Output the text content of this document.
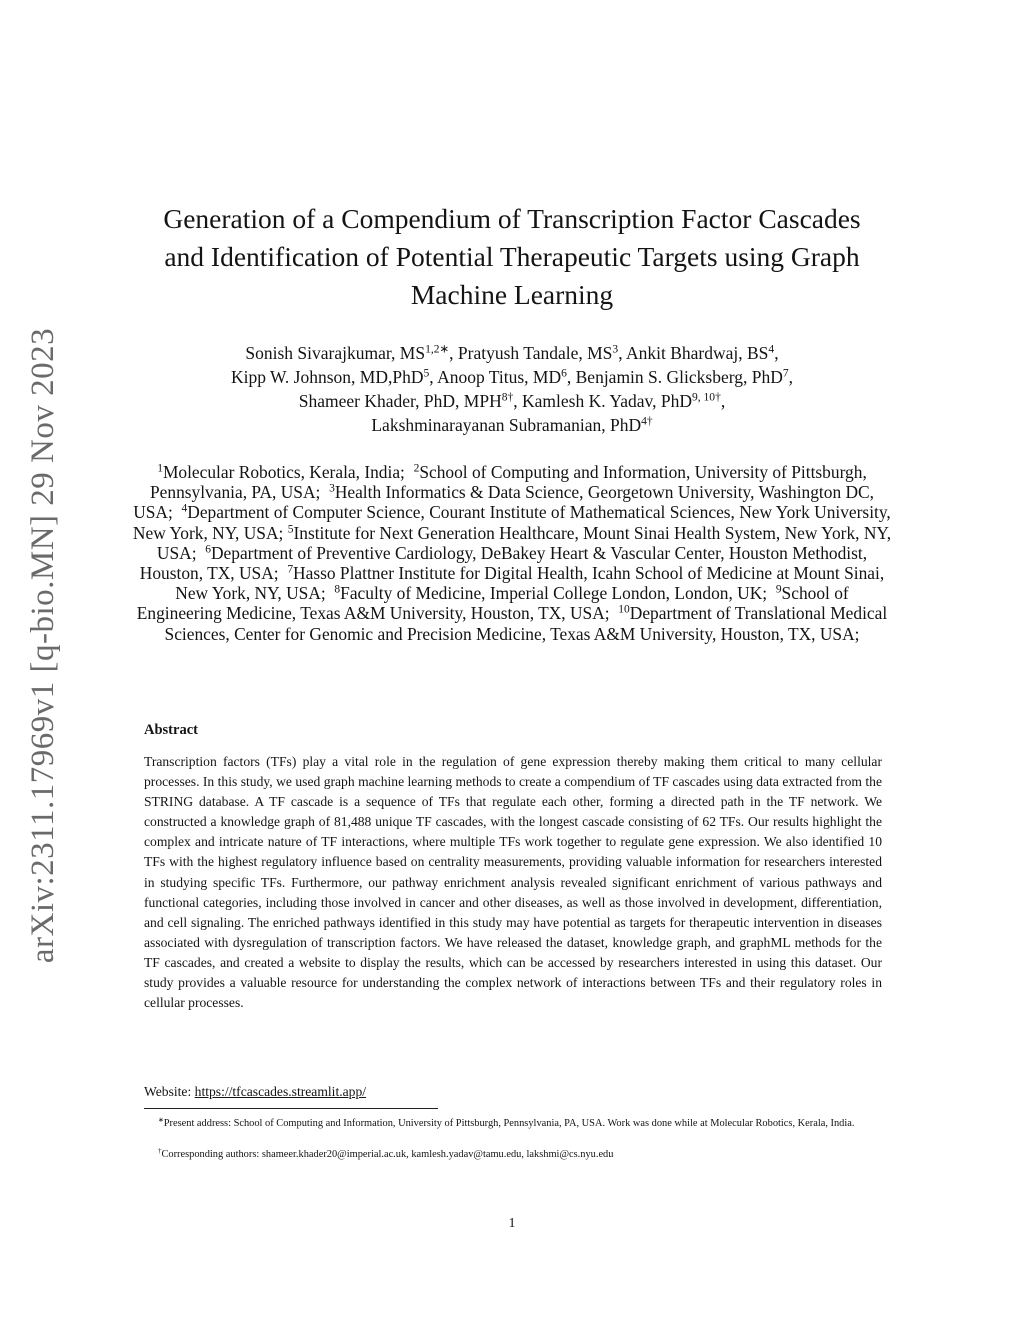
arXiv:2311.17969v1 [q-bio.MN] 29 Nov 2023
Generation of a Compendium of Transcription Factor Cascades
and Identification of Potential Therapeutic Targets using Graph
Machine Learning
Sonish Sivarajkumar, $MS^{1,2∗}$, Pratyush Tandale, $MS^3$, Ankit Bhardwaj, $BS^4$,
Kipp W. Johnson, MD,PhD$^5$, Anoop Titus, $MD^6$, Benjamin S. Glicksberg, PhD$^7$,
Shameer Khader, PhD, $MPH^{8\dagger}$, Kamlesh K. Yadav, PhD$^{9, 10\dagger}$,
Lakshminarayanan Subramanian, PhD$^{4\dagger}$
$^1$Molecular Robotics, Kerala, India; $^2$School of Computing and Information, University of Pittsburgh, Pennsylvania, PA, USA; $^3$Health Informatics & Data Science, Georgetown University, Washington DC, USA; $^4$Department of Computer Science, Courant Institute of Mathematical Sciences, New York University, New York, NY, USA; $^5$Institute for Next Generation Healthcare, Mount Sinai Health System, New York, NY, USA; $^6$Department of Preventive Cardiology, DeBakey Heart & Vascular Center, Houston Methodist, Houston, TX, USA; $^7$Hasso Plattner Institute for Digital Health, Icahn School of Medicine at Mount Sinai, New York, NY, USA; $^8$Faculty of Medicine, Imperial College London, London, UK; $^9$School of Engineering Medicine, Texas A&M University, Houston, TX, USA; $^{10}$Department of Translational Medical Sciences, Center for Genomic and Precision Medicine, Texas A&M University, Houston, TX, USA;
Abstract
Transcription factors (TFs) play a vital role in the regulation of gene expression thereby making them critical to many cellular processes. In this study, we used graph machine learning methods to create a compendium of TF cascades using data extracted from the STRING database. A TF cascade is a sequence of TFs that regulate each other, forming a directed path in the TF network. We constructed a knowledge graph of 81,488 unique TF cascades, with the longest cascade consisting of 62 TFs. Our results highlight the complex and intricate nature of TF interactions, where multiple TFs work together to regulate gene expression. We also identified 10 TFs with the highest regulatory influence based on centrality measurements, providing valuable information for researchers interested in studying specific TFs. Furthermore, our pathway enrichment analysis revealed significant enrichment of various pathways and functional categories, including those involved in cancer and other diseases, as well as those involved in development, differentiation, and cell signaling. The enriched pathways identified in this study may have potential as targets for therapeutic intervention in diseases associated with dysregulation of transcription factors. We have released the dataset, knowledge graph, and graphML methods for the TF cascades, and created a website to display the results, which can be accessed by researchers interested in using this dataset. Our study provides a valuable resource for understanding the complex network of interactions between TFs and their regulatory roles in cellular processes.
Website: https://tfcascades.streamlit.app/
∗Present address: School of Computing and Information, University of Pittsburgh, Pennsylvania, PA, USA. Work was done while at Molecular Robotics, Kerala, India.
†Corresponding authors: shameer.khader20@imperial.ac.uk, kamlesh.yadav@tamu.edu, lakshmi@cs.nyu.edu
1
